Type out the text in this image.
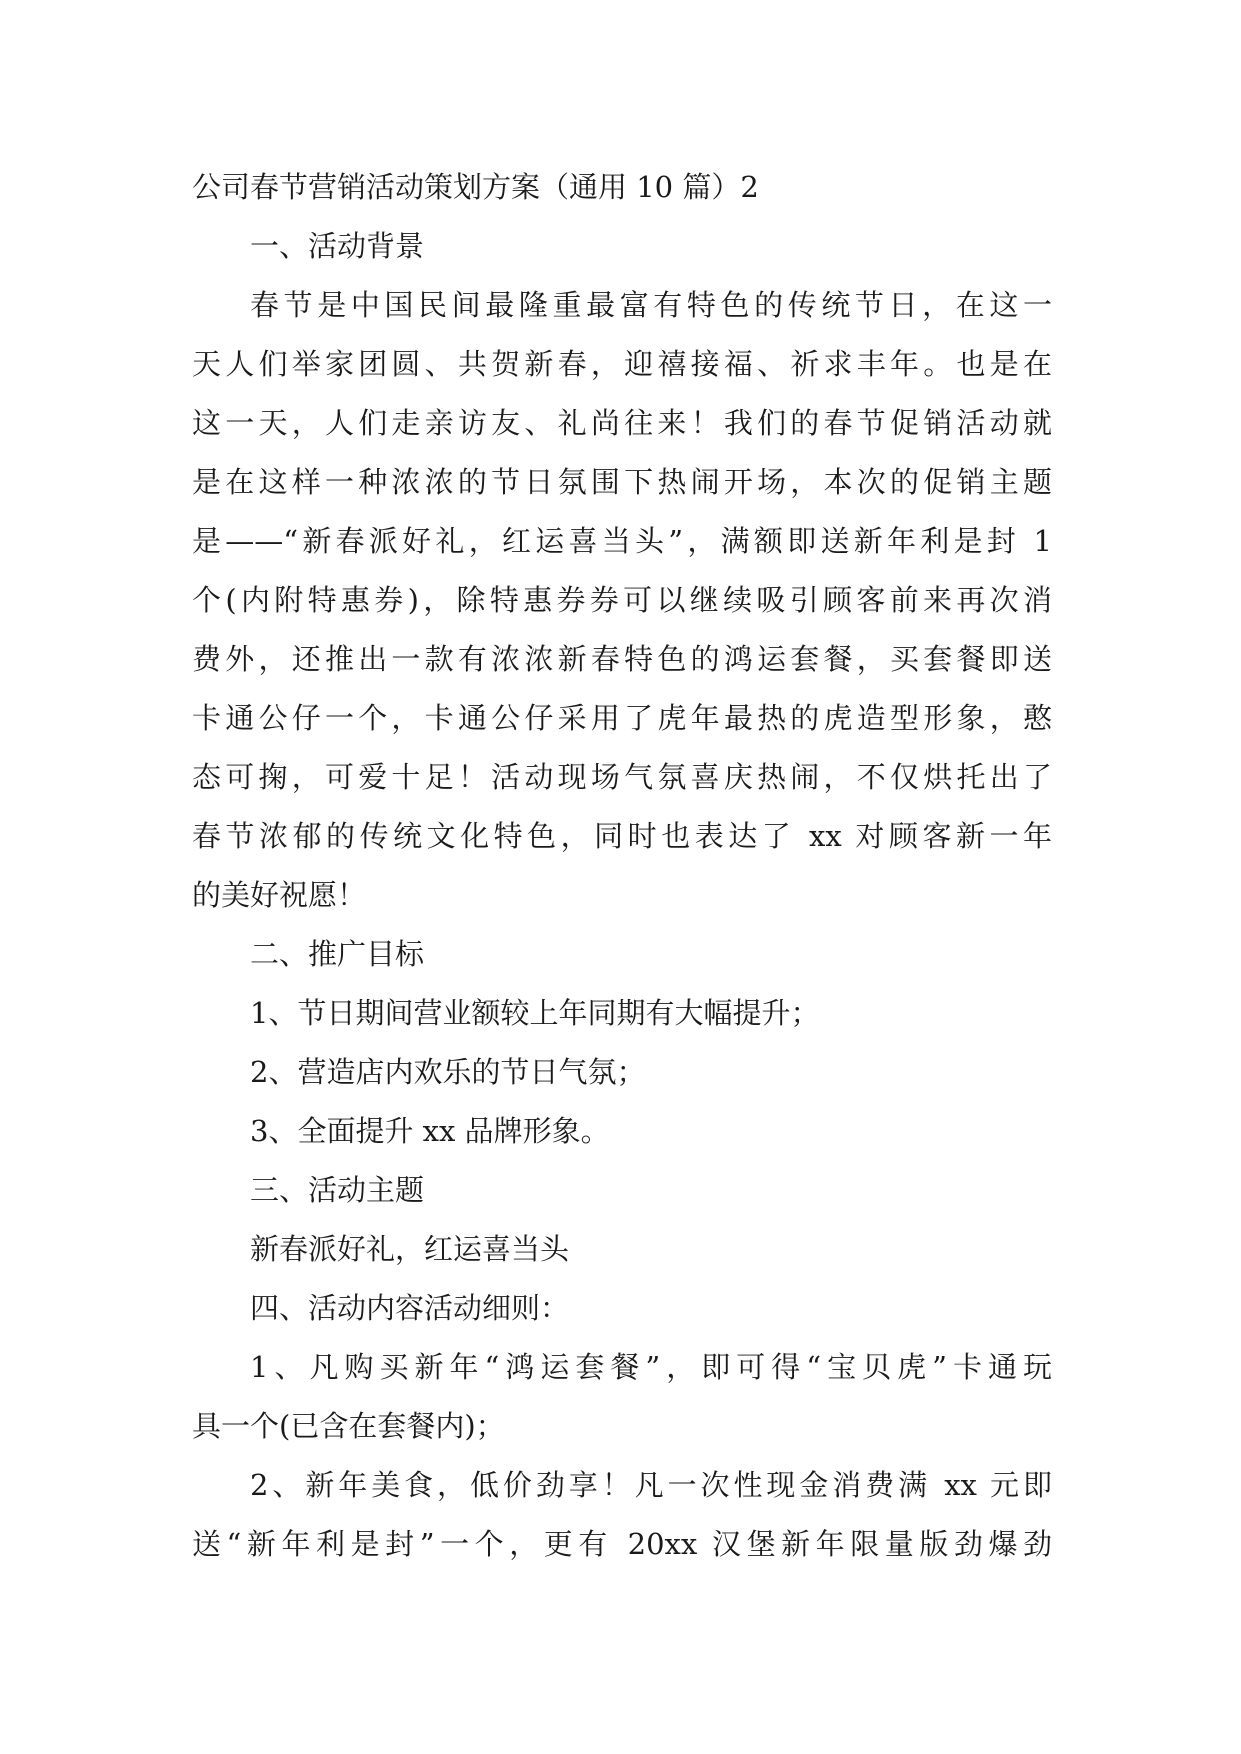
公司春节营销活动策划方案（通用 10 篇）2
一、活动背景
春节是中国民间最隆重最富有特色的传统节日，在这一
天人们举家团圆、共贺新春，迎禧接福、祈求丰年。也是在
这一天，人们走亲访友、礼尚往来！我们的春节促销活动就
是在这样一种浓浓的节日氛围下热闹开场，本次的促销主题
是——“新春派好礼，红运喜当头”，满额即送新年利是封 1
个(内附特惠券)，除特惠券券可以继续吸引顾客前来再次消
费外，还推出一款有浓浓新春特色的鸿运套餐，买套餐即送
卡通公仔一个，卡通公仔采用了虎年最热的虎造型形象，憨
态可掬，可爱十足！活动现场气氛喜庆热闹，不仅烘托出了
春节浓郁的传统文化特色，同时也表达了 xx 对顾客新一年
的美好祝愿！
二、推广目标
1、节日期间营业额较上年同期有大幅提升；
2、营造店内欢乐的节日气氛；
3、全面提升 xx 品牌形象。
三、活动主题
新春派好礼，红运喜当头
四、活动内容活动细则：
1、凡购买新年“鸿运套餐”，即可得“宝贝虎”卡通玩
具一个(已含在套餐内)；
2、新年美食，低价劲享！凡一次性现金消费满 xx 元即
送“新年利是封”一个，更有 20xx 汉堡新年限量版劲爆劲
